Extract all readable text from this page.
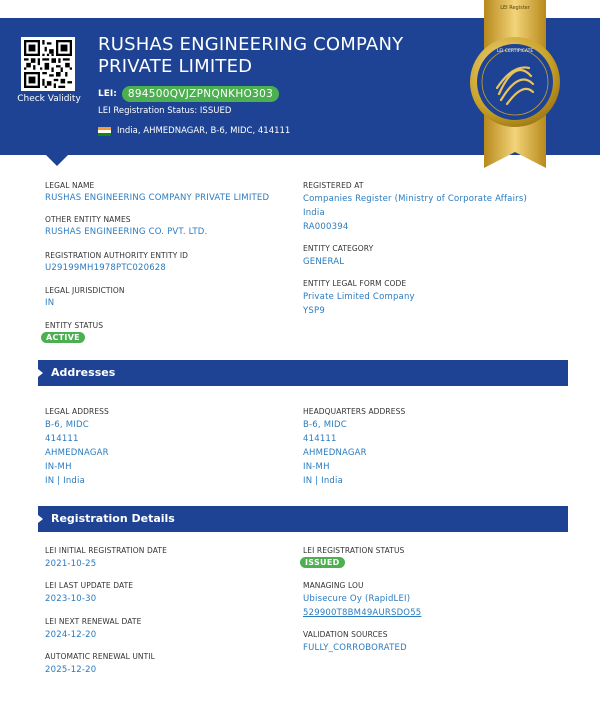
Check Validity
RUSHAS ENGINEERING COMPANY PRIVATE LIMITED
LEI:	894500QVJZPNQNKHO303
LEI Registration Status: ISSUED
India, AHMEDNAGAR, B-6, MIDC, 414111
LEI Register
LEI CERTIFICATE
LEGAL NAME
RUSHAS ENGINEERING COMPANY PRIVATE LIMITED
OTHER ENTITY NAMES
RUSHAS ENGINEERING CO. PVT. LTD.
REGISTRATION AUTHORITY ENTITY ID
U29199MH1978PTC020628
LEGAL JURISDICTION
IN
ENTITY STATUS
ACTIVE
REGISTERED AT
Companies Register (Ministry of Corporate Affairs)
India
RA000394
ENTITY CATEGORY
GENERAL
ENTITY LEGAL FORM CODE
Private Limited Company
YSP9
Addresses
LEGAL ADDRESS
B-6, MIDC
414111
AHMEDNAGAR
IN-MH
IN | India
HEADQUARTERS ADDRESS
B-6, MIDC
414111
AHMEDNAGAR
IN-MH
IN | India
Registration Details
LEI INITIAL REGISTRATION DATE
2021-10-25
LEI LAST UPDATE DATE
2023-10-30
LEI NEXT RENEWAL DATE
2024-12-20
AUTOMATIC RENEWAL UNTIL
2025-12-20
LEI REGISTRATION STATUS
ISSUED
MANAGING LOU
Ubisecure Oy (RapidLEI)
529900T8BM49AURSDO55
VALIDATION SOURCES
FULLY_CORROBORATED
